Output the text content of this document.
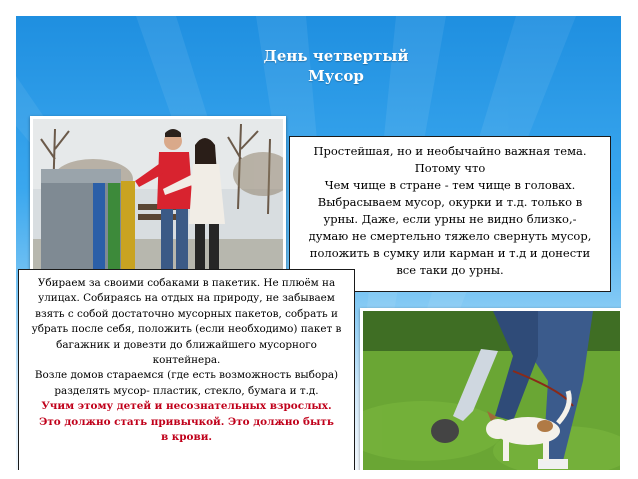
День четвертый
Мусор
Простейшая, но и необычайно важная тема.
Потому что
Чем чище в стране - тем чище в головах.
Выбрасываем мусор, окурки и т.д. только в
урны. Даже, если урны не видно близко,-
думаю не смертельно тяжело свернуть мусор,
положить в сумку или карман и т.д и донести
все таки до урны.
Убираем за своими собаками в пакетик. Не плюём на
улицах. Собираясь на отдых на природу, не забываем
взять с собой достаточно мусорных пакетов, собрать и
убрать после себя, положить (если необходимо) пакет в
багажник и довезти до ближайшего мусорного
контейнера.
Возле домов стараемся (где есть возможность выбора)
разделять мусор- пластик, стекло, бумага и т.д.
Учим этому детей и несознательных взрослых.
Это должно стать привычкой. Это должно быть
в крови.
